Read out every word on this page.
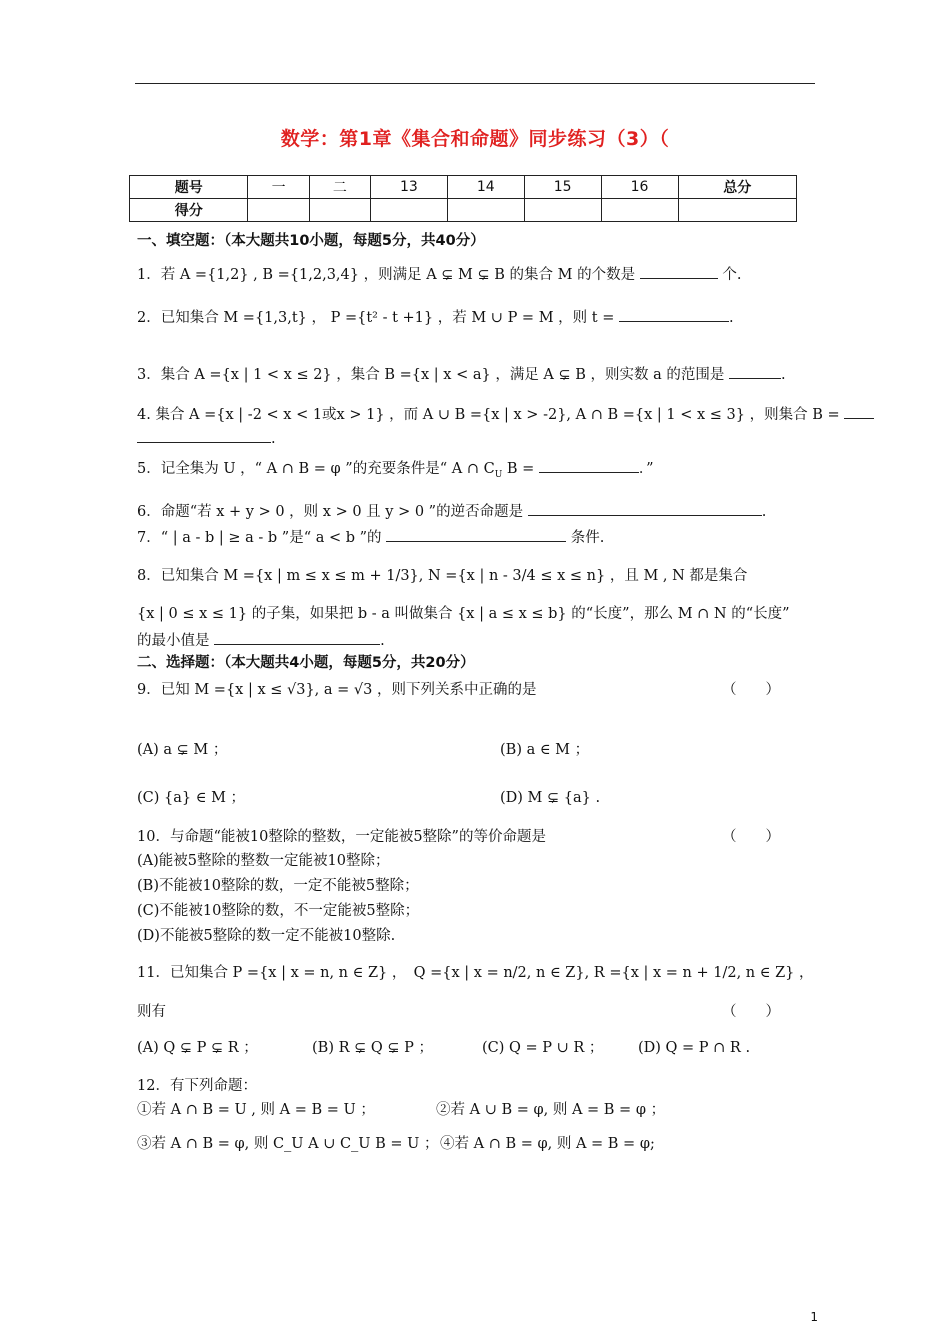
数学：第1章《集合和命题》同步练习（3）（
题号	一	二	13	14	15	16	总分
得分							
一、填空题：（本大题共10小题，每题5分，共40分）
1．若 A ={1,2} , B ={1,2,3,4} ，则满足 A ⊊ M ⊊ B 的集合 M 的个数是	个.
2．已知集合 M ={1,3,t} ， P ={t² - t +1} ，若 M ∪ P = M ，则 t =	.
3．集合 A ={x | 1 < x ≤ 2} ，集合 B ={x | x < a} ，满足 A ⊊ B ，则实数 a 的范围是	.
4. 集合 A ={x | -2 < x < 1或x > 1} ，而 A ∪ B ={x | x > -2}, A ∩ B ={x | 1 < x ≤ 3} ，则集合 B =
.
5．记全集为 U ，“ A ∩ B = φ ”的充要条件是“ A ∩ $C_U$ B =	．”
6．命题“若 x + y > 0 ，则 x > 0 且 y > 0 ”的逆否命题是	.
7．“ | a - b | ≥ a - b ”是“ a < b ”的	条件.
8．已知集合 M ={x | m ≤ x ≤ m + 1/3}, N ={x | n - 3/4 ≤ x ≤ n} ，且 M , N 都是集合
{x | 0 ≤ x ≤ 1} 的子集，如果把 b - a 叫做集合 {x | a ≤ x ≤ b} 的“长度”，那么 M ∩ N 的“长度”
的最小值是	.
二、选择题：（本大题共4小题，每题5分，共20分）
9．已知 M ={x | x ≤ √3}, a = √3 ，则下列关系中正确的是	（　　）
(A) a ⊊ M ；	(B) a ∈ M ；
(C) {a} ∈ M ；	(D) M ⊊ {a} .
10．与命题“能被10整除的整数，一定能被5整除”的等价命题是	（　　）
(A)能被5整除的整数一定能被10整除；
(B)不能被10整除的数，一定不能被5整除；
(C)不能被10整除的数，不一定能被5整除；
(D)不能被5整除的数一定不能被10整除.
11．已知集合 P ={x | x = n, n ∈ Z} ，　Q ={x | x = n/2, n ∈ Z}, R ={x | x = n + 1/2, n ∈ Z} ，
则有	（　　）
(A) Q ⊊ P ⊊ R ；	(B) R ⊊ Q ⊊ P ；	(C) Q = P ∪ R ； (D) Q = P ∩ R .
12．有下列命题：
①若 A ∩ B = U , 则 A = B = U ；	②若 A ∪ B = φ, 则 A = B = φ ；
③若 A ∩ B = φ, 则 C_U A ∪ C_U B = U ； ④若 A ∩ B = φ, 则 A = B = φ;
1
